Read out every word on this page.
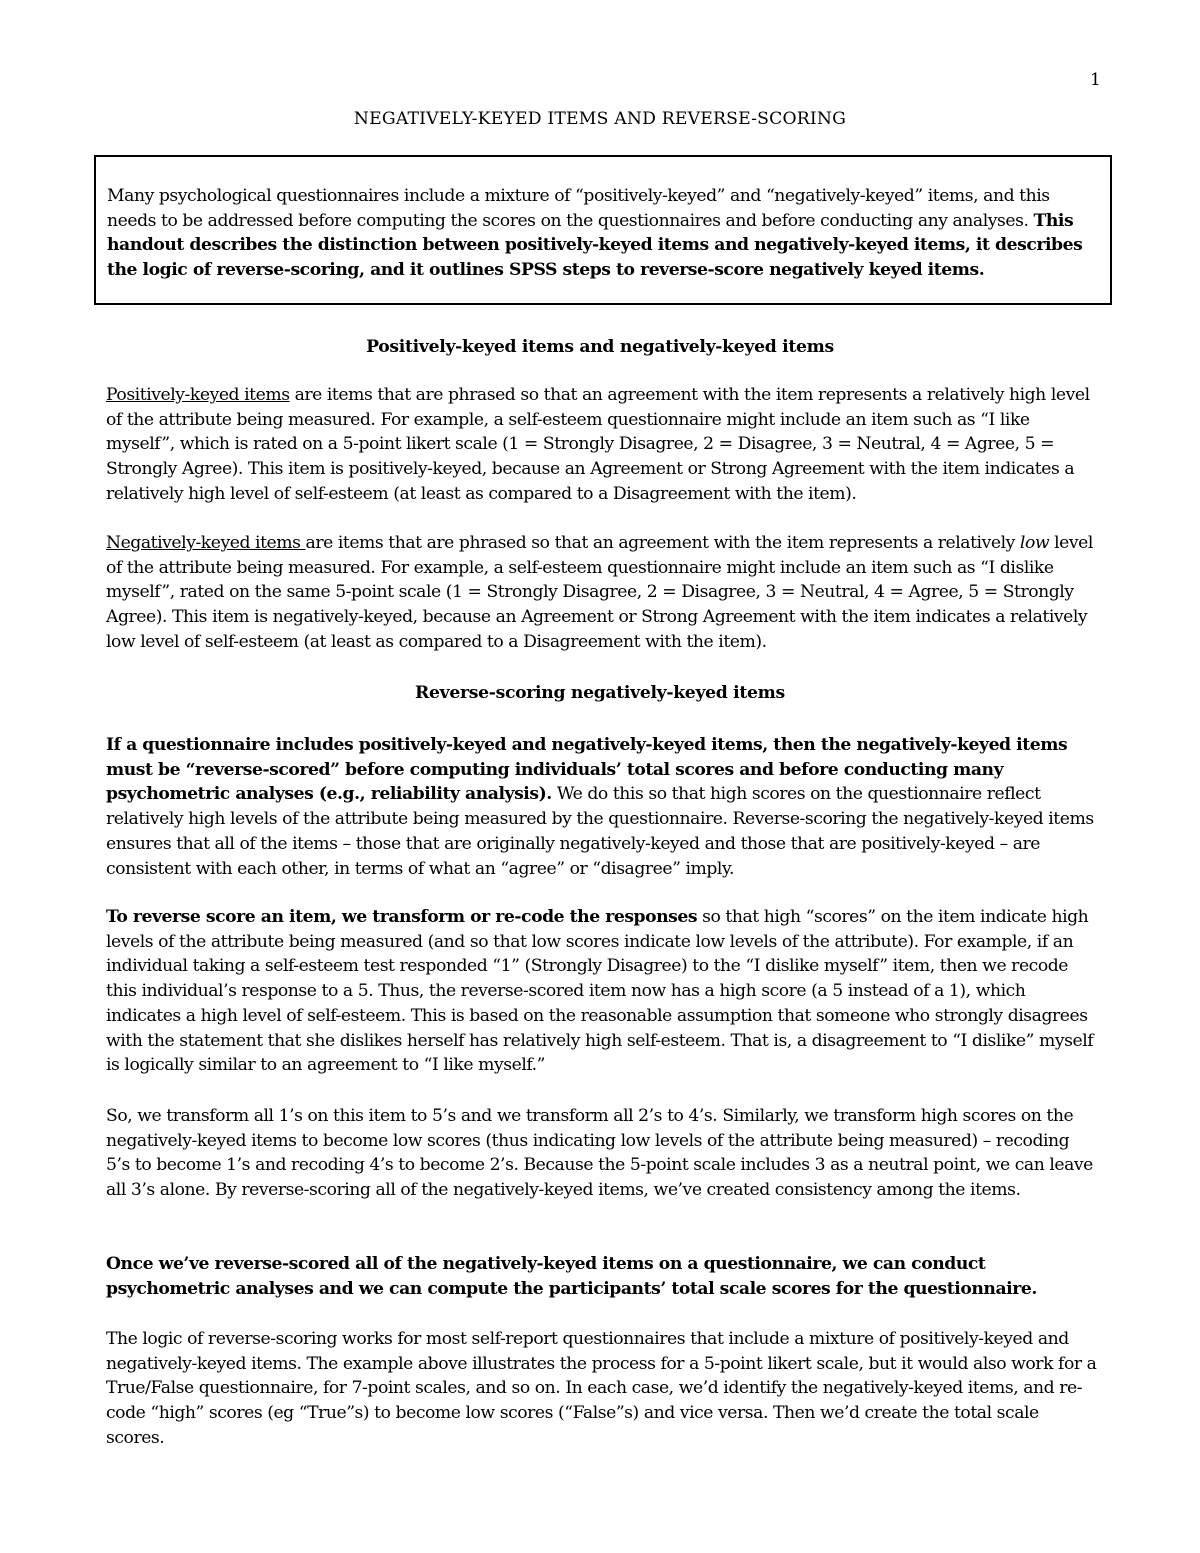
1
NEGATIVELY-KEYED ITEMS AND REVERSE-SCORING

Many psychological questionnaires include a mixture of “positively-keyed” and “negatively-keyed” items, and this needs to be addressed before computing the scores on the questionnaires and before conducting any analyses. This handout describes the distinction between positively-keyed items and negatively-keyed items, it describes the logic of reverse-scoring, and it outlines SPSS steps to reverse-score negatively keyed items.

Positively-keyed items and negatively-keyed items

Positively-keyed items are items that are phrased so that an agreement with the item represents a relatively high level of the attribute being measured. For example, a self-esteem questionnaire might include an item such as “I like myself”, which is rated on a 5-point likert scale (1 = Strongly Disagree, 2 = Disagree, 3 = Neutral, 4 = Agree, 5 = Strongly Agree). This item is positively-keyed, because an Agreement or Strong Agreement with the item indicates a relatively high level of self-esteem (at least as compared to a Disagreement with the item).

Negatively-keyed items are items that are phrased so that an agreement with the item represents a relatively low level of the attribute being measured. For example, a self-esteem questionnaire might include an item such as “I dislike myself”, rated on the same 5-point scale (1 = Strongly Disagree, 2 = Disagree, 3 = Neutral, 4 = Agree, 5 = Strongly Agree). This item is negatively-keyed, because an Agreement or Strong Agreement with the item indicates a relatively low level of self-esteem (at least as compared to a Disagreement with the item).

Reverse-scoring negatively-keyed items

If a questionnaire includes positively-keyed and negatively-keyed items, then the negatively-keyed items must be “reverse-scored” before computing individuals’ total scores and before conducting many psychometric analyses (e.g., reliability analysis). We do this so that high scores on the questionnaire reflect relatively high levels of the attribute being measured by the questionnaire. Reverse-scoring the negatively-keyed items ensures that all of the items – those that are originally negatively-keyed and those that are positively-keyed – are consistent with each other, in terms of what an “agree” or “disagree” imply.

To reverse score an item, we transform or re-code the responses so that high “scores” on the item indicate high levels of the attribute being measured (and so that low scores indicate low levels of the attribute). For example, if an individual taking a self-esteem test responded “1” (Strongly Disagree) to the “I dislike myself” item, then we recode this individual’s response to a 5. Thus, the reverse-scored item now has a high score (a 5 instead of a 1), which indicates a high level of self-esteem. This is based on the reasonable assumption that someone who strongly disagrees with the statement that she dislikes herself has relatively high self-esteem. That is, a disagreement to “I dislike” myself is logically similar to an agreement to “I like myself.”

So, we transform all 1’s on this item to 5’s and we transform all 2’s to 4’s. Similarly, we transform high scores on the negatively-keyed items to become low scores (thus indicating low levels of the attribute being measured) – recoding 5’s to become 1’s and recoding 4’s to become 2’s. Because the 5-point scale includes 3 as a neutral point, we can leave all 3’s alone. By reverse-scoring all of the negatively-keyed items, we’ve created consistency among the items.

Once we’ve reverse-scored all of the negatively-keyed items on a questionnaire, we can conduct psychometric analyses and we can compute the participants’ total scale scores for the questionnaire.

The logic of reverse-scoring works for most self-report questionnaires that include a mixture of positively-keyed and negatively-keyed items. The example above illustrates the process for a 5-point likert scale, but it would also work for a True/False questionnaire, for 7-point scales, and so on. In each case, we’d identify the negatively-keyed items, and re-code “high” scores (eg “True”s) to become low scores (“False”s) and vice versa. Then we’d create the total scale scores.
